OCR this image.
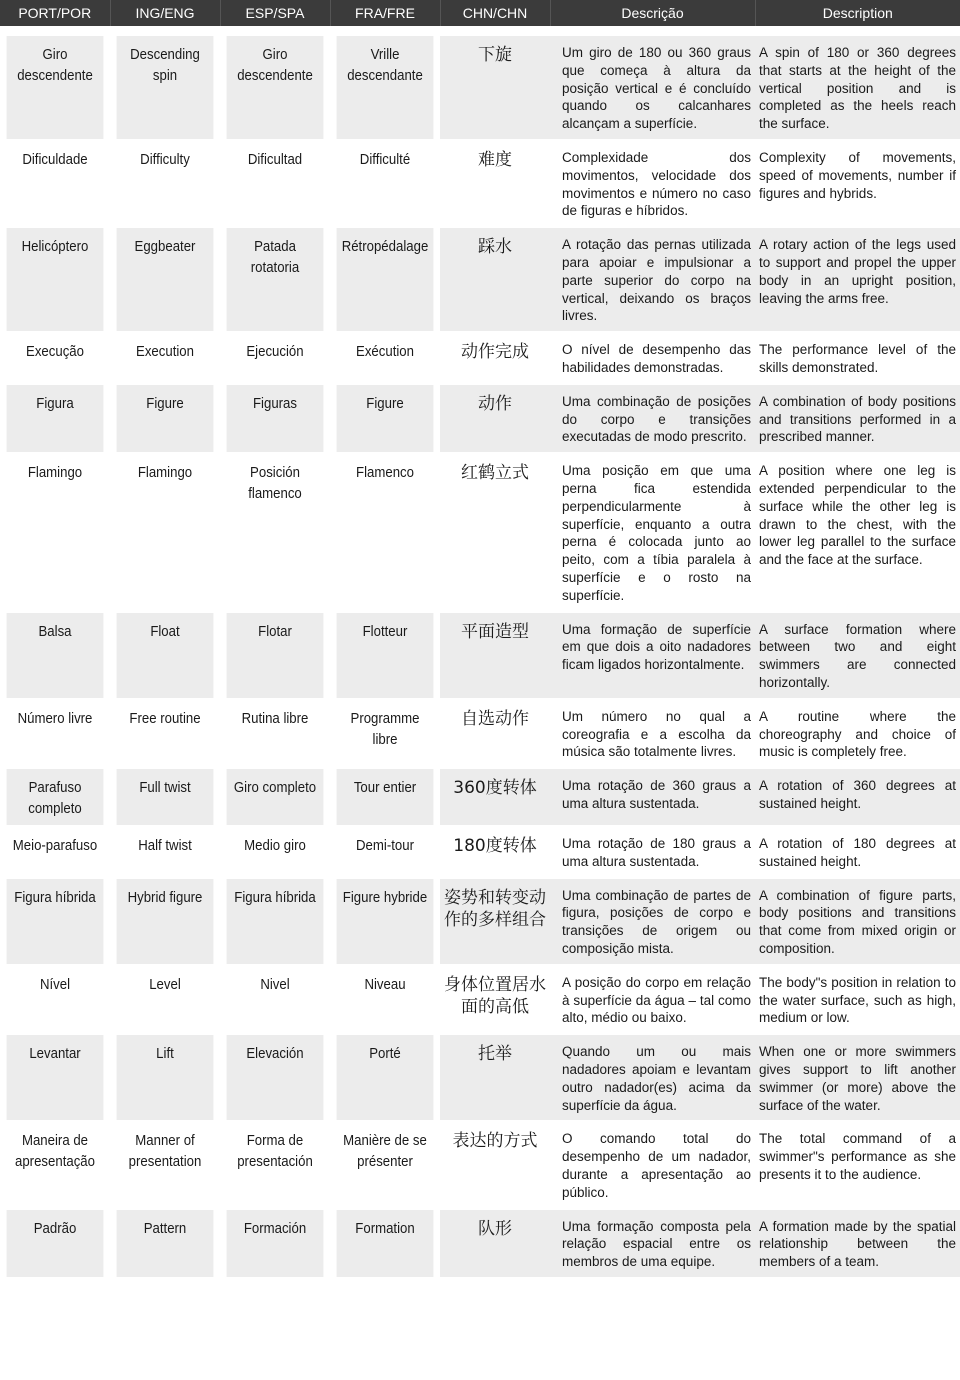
PORT/POR	ING/ENG	ESP/SPA	FRA/FRE	CHN/CHN	Descrição	Description

Giro descendente	Descending spin	Giro descendente	Vrille descendante	下旋	Um giro de 180 ou 360 graus que começa à altura da posição vertical e é concluído quando os calcanhares alcançam a superfície.	A spin of 180 or 360 degrees that starts at the height of the vertical position and is completed as the heels reach the surface.
Dificuldade	Difficulty	Dificultad	Difficulté	难度	Complexidade dos movimentos, velocidade dos movimentos e número no caso de figuras e híbridos.	Complexity of movements, speed of movements, number if figures and hybrids.
Helicóptero	Eggbeater	Patada rotatoria	Rétropédalage	踩水	A rotação das pernas utilizada para apoiar e impulsionar a parte superior do corpo na vertical, deixando os braços livres.	A rotary action of the legs used to support and propel the upper body in an upright position, leaving the arms free.
Execução	Execution	Ejecución	Exécution	动作完成	O nível de desempenho das habilidades demonstradas.	The performance level of the skills demonstrated.
Figura	Figure	Figuras	Figure	动作	Uma combinação de posições do corpo e transições executadas de modo prescrito.	A combination of body positions and transitions performed in a prescribed manner.
Flamingo	Flamingo	Posición flamenco	Flamenco	红鹤立式	Uma posição em que uma perna fica estendida perpendicularmente à superfície, enquanto a outra perna é colocada junto ao peito, com a tíbia paralela à superfície e o rosto na superfície.	A position where one leg is extended perpendicular to the surface while the other leg is drawn to the chest, with the lower leg parallel to the surface and the face at the surface.
Balsa	Float	Flotar	Flotteur	平面造型	Uma formação de superfície em que dois a oito nadadores ficam ligados horizontalmente.	A surface formation where between two and eight swimmers are connected horizontally.
Número livre	Free routine	Rutina libre	Programme libre	自选动作	Um número no qual a coreografia e a escolha da música são totalmente livres.	A routine where the choreography and choice of music is completely free.
Parafuso completo	Full twist	Giro completo	Tour entier	360度转体	Uma rotação de 360 graus a uma altura sustentada.	A rotation of 360 degrees at sustained height.
Meio-parafuso	Half twist	Medio giro	Demi-tour	180度转体	Uma rotação de 180 graus a uma altura sustentada.	A rotation of 180 degrees at sustained height.
Figura híbrida	Hybrid figure	Figura híbrida	Figure hybride	姿势和转变动作的多样组合	Uma combinação de partes de figura, posições de corpo e transições de origem ou composição mista.	A combination of figure parts, body positions and transitions that come from mixed origin or composition.
Nível	Level	Nivel	Niveau	身体位置居水面的高低	A posição do corpo em relação à superfície da água – tal como alto, médio ou baixo.	The body"s position in relation to the water surface, such as high, medium or low.
Levantar	Lift	Elevación	Porté	托举	Quando um ou mais nadadores apoiam e levantam outro nadador(es) acima da superfície da água.	When one or more swimmers gives support to lift another swimmer (or more) above the surface of the water.
Maneira de apresentação	Manner of presentation	Forma de presentación	Manière de se présenter	表达的方式	O comando total do desempenho de um nadador, durante a apresentação ao público.	The total command of a swimmer"s performance as she presents it to the audience.
Padrão	Pattern	Formación	Formation	队形	Uma formação composta pela relação espacial entre os membros de uma equipe.	A formation made by the spatial relationship between the members of a team.
